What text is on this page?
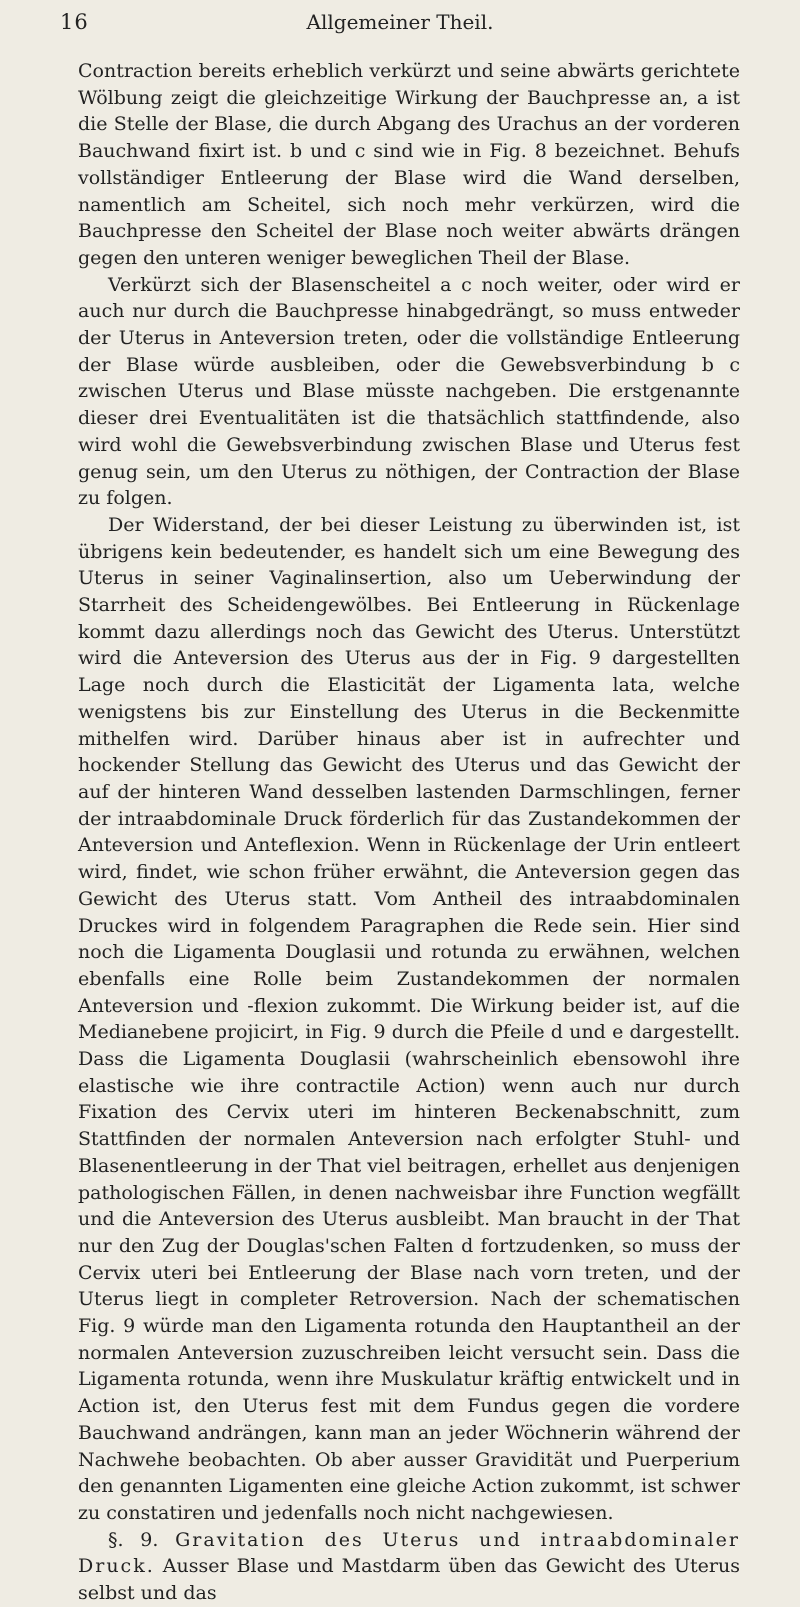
Allgemeiner Theil.
16

Contraction bereits erheblich verkürzt und seine abwärts gerichtete Wölbung zeigt die gleichzeitige Wirkung der Bauchpresse an, a ist die Stelle der Blase, die durch Abgang des Urachus an der vorderen Bauchwand fixirt ist. b und c sind wie in Fig. 8 bezeichnet. Behufs vollständiger Entleerung der Blase wird die Wand derselben, namentlich am Scheitel, sich noch mehr verkürzen, wird die Bauchpresse den Scheitel der Blase noch weiter abwärts drängen gegen den unteren weniger beweglichen Theil der Blase.

Verkürzt sich der Blasenscheitel a c noch weiter, oder wird er auch nur durch die Bauchpresse hinabgedrängt, so muss entweder der Uterus in Anteversion treten, oder die vollständige Entleerung der Blase würde ausbleiben, oder die Gewebsverbindung b c zwischen Uterus und Blase müsste nachgeben. Die erstgenannte dieser drei Eventualitäten ist die thatsächlich stattfindende, also wird wohl die Gewebsverbindung zwischen Blase und Uterus fest genug sein, um den Uterus zu nöthigen, der Contraction der Blase zu folgen.

Der Widerstand, der bei dieser Leistung zu überwinden ist, ist übrigens kein bedeutender, es handelt sich um eine Bewegung des Uterus in seiner Vaginalinsertion, also um Ueberwindung der Starrheit des Scheidengewölbes. Bei Entleerung in Rückenlage kommt dazu allerdings noch das Gewicht des Uterus. Unterstützt wird die Anteversion des Uterus aus der in Fig. 9 dargestellten Lage noch durch die Elasticität der Ligamenta lata, welche wenigstens bis zur Einstellung des Uterus in die Beckenmitte mithelfen wird. Darüber hinaus aber ist in aufrechter und hockender Stellung das Gewicht des Uterus und das Gewicht der auf der hinteren Wand desselben lastenden Darmschlingen, ferner der intraabdominale Druck förderlich für das Zustandekommen der Anteversion und Anteflexion. Wenn in Rückenlage der Urin entleert wird, findet, wie schon früher erwähnt, die Anteversion gegen das Gewicht des Uterus statt. Vom Antheil des intraabdominalen Druckes wird in folgendem Paragraphen die Rede sein. Hier sind noch die Ligamenta Douglasii und rotunda zu erwähnen, welchen ebenfalls eine Rolle beim Zustandekommen der normalen Anteversion und -flexion zukommt. Die Wirkung beider ist, auf die Medianebene projicirt, in Fig. 9 durch die Pfeile d und e dargestellt. Dass die Ligamenta Douglasii (wahrscheinlich ebensowohl ihre elastische wie ihre contractile Action) wenn auch nur durch Fixation des Cervix uteri im hinteren Beckenabschnitt, zum Stattfinden der normalen Anteversion nach erfolgter Stuhl- und Blasenentleerung in der That viel beitragen, erhellet aus denjenigen pathologischen Fällen, in denen nachweisbar ihre Function wegfällt und die Anteversion des Uterus ausbleibt. Man braucht in der That nur den Zug der Douglas'schen Falten d fortzudenken, so muss der Cervix uteri bei Entleerung der Blase nach vorn treten, und der Uterus liegt in completer Retroversion. Nach der schematischen Fig. 9 würde man den Ligamenta rotunda den Hauptantheil an der normalen Anteversion zuzuschreiben leicht versucht sein. Dass die Ligamenta rotunda, wenn ihre Muskulatur kräftig entwickelt und in Action ist, den Uterus fest mit dem Fundus gegen die vordere Bauchwand andrängen, kann man an jeder Wöchnerin während der Nachwehe beobachten. Ob aber ausser Gravidität und Puerperium den genannten Ligamenten eine gleiche Action zukommt, ist schwer zu constatiren und jedenfalls noch nicht nachgewiesen.

§. 9. Gravitation des Uterus und intraabdominaler Druck. Ausser Blase und Mastdarm üben das Gewicht des Uterus selbst und das
